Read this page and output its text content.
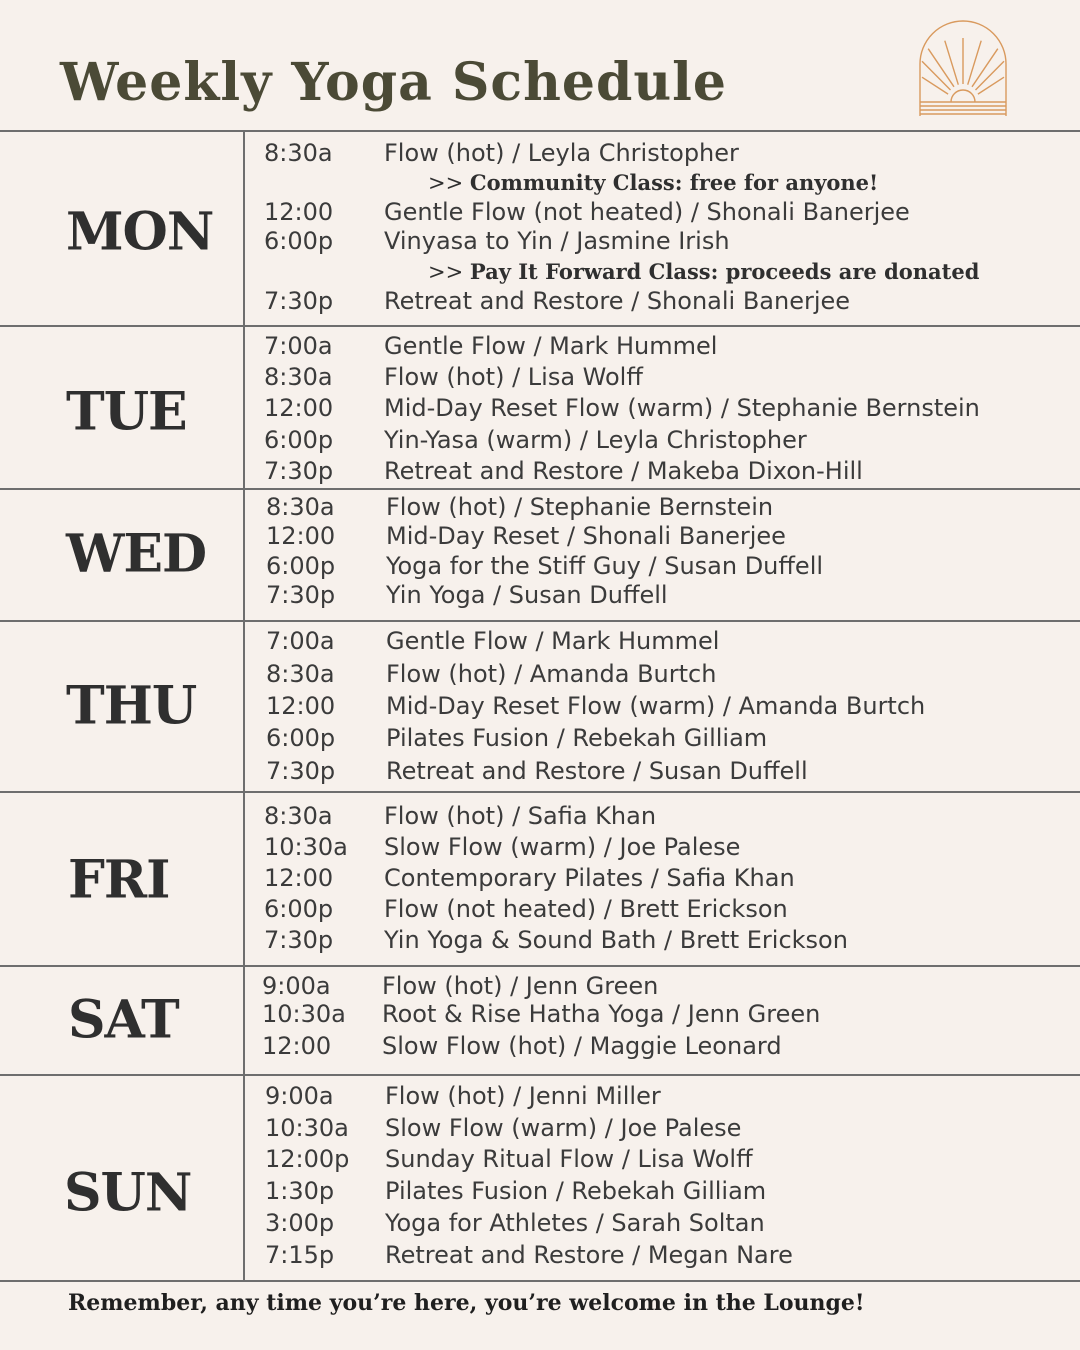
Weekly Yoga Schedule
MON
8:30a Flow (hot) / Leyla Christopher
>> Community Class: free for anyone!
12:00 Gentle Flow (not heated) / Shonali Banerjee
6:00p Vinyasa to Yin / Jasmine Irish
>> Pay It Forward Class: proceeds are donated
7:30p Retreat and Restore / Shonali Banerjee
TUE
7:00a Gentle Flow / Mark Hummel
8:30a Flow (hot) / Lisa Wolff
12:00 Mid-Day Reset Flow (warm) / Stephanie Bernstein
6:00p Yin-Yasa (warm) / Leyla Christopher
7:30p Retreat and Restore / Makeba Dixon-Hill
WED
8:30a Flow (hot) / Stephanie Bernstein
12:00 Mid-Day Reset / Shonali Banerjee
6:00p Yoga for the Stiff Guy / Susan Duffell
7:30p Yin Yoga / Susan Duffell
THU
7:00a Gentle Flow / Mark Hummel
8:30a Flow (hot) / Amanda Burtch
12:00 Mid-Day Reset Flow (warm) / Amanda Burtch
6:00p Pilates Fusion / Rebekah Gilliam
7:30p Retreat and Restore / Susan Duffell
FRI
8:30a Flow (hot) / Safia Khan
10:30a Slow Flow (warm) / Joe Palese
12:00 Contemporary Pilates / Safia Khan
6:00p Flow (not heated) / Brett Erickson
7:30p Yin Yoga & Sound Bath / Brett Erickson
SAT
9:00a Flow (hot) / Jenn Green
10:30a Root & Rise Hatha Yoga / Jenn Green
12:00 Slow Flow (hot) / Maggie Leonard
SUN
9:00a Flow (hot) / Jenni Miller
10:30a Slow Flow (warm) / Joe Palese
12:00p Sunday Ritual Flow / Lisa Wolff
1:30p Pilates Fusion / Rebekah Gilliam
3:00p Yoga for Athletes / Sarah Soltan
7:15p Retreat and Restore / Megan Nare
Remember, any time you’re here, you’re welcome in the Lounge!
